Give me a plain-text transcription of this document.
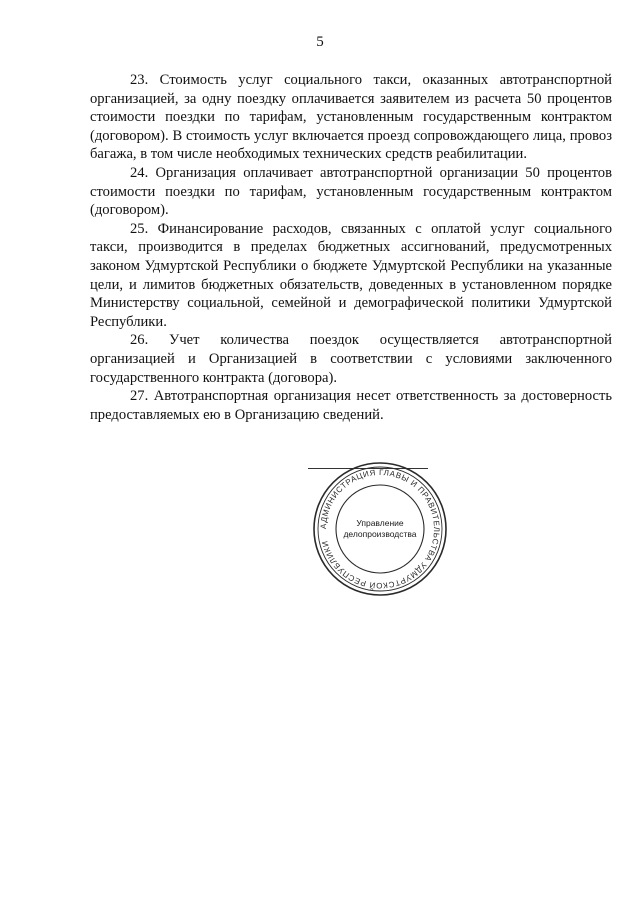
5

23. Стоимость услуг социального такси, оказанных автотранспортной организацией, за одну поездку оплачивается заявителем из расчета 50 процентов стоимости поездки по тарифам, установленным государственным контрактом (договором). В стоимость услуг включается проезд сопровождающего лица, провоз багажа, в том числе необходимых технических средств реабилитации.

24. Организация оплачивает автотранспортной организации 50 процентов стоимости поездки по тарифам, установленным государственным контрактом (договором).

25. Финансирование расходов, связанных с оплатой услуг социального такси, производится в пределах бюджетных ассигнований, предусмотренных законом Удмуртской Республики о бюджете Удмуртской Республики на указанные цели, и лимитов бюджетных обязательств, доведенных в установленном порядке Министерству социальной, семейной и демографической политики Удмуртской Республики.

26. Учет количества поездок осуществляется автотранспортной организацией и Организацией в соответствии с условиями заключенного государственного контракта (договора).

27. Автотранспортная организация несет ответственность за достоверность предоставляемых ею в Организацию сведений.

АДМИНИСТРАЦИЯ ГЛАВЫ И ПРАВИТЕЛЬСТВА УДМУРТСКОЙ РЕСПУБЛИКИ
Управление
делопроизводства
